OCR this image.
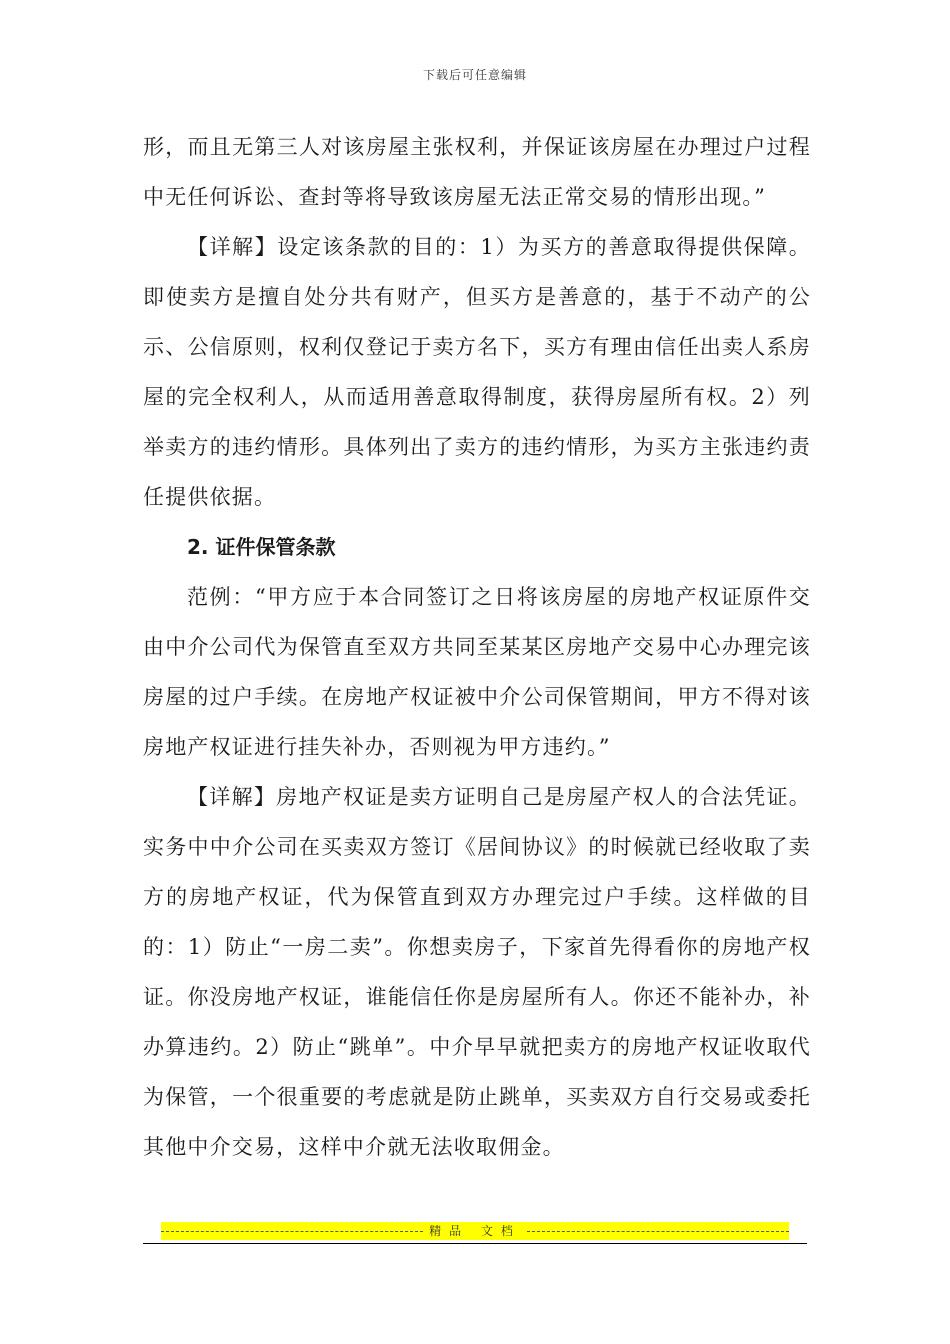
下载后可任意编辑

形，而且无第三人对该房屋主张权利，并保证该房屋在办理过户过程中无任何诉讼、查封等将导致该房屋无法正常交易的情形出现。”

【详解】设定该条款的目的：1）为买方的善意取得提供保障。即使卖方是擅自处分共有财产，但买方是善意的，基于不动产的公示、公信原则，权利仅登记于卖方名下，买方有理由信任出卖人系房屋的完全权利人，从而适用善意取得制度，获得房屋所有权。2）列举卖方的违约情形。具体列出了卖方的违约情形，为买方主张违约责任提供依据。

2. 证件保管条款

范例：“甲方应于本合同签订之日将该房屋的房地产权证原件交由中介公司代为保管直至双方共同至某某区房地产交易中心办理完该房屋的过户手续。在房地产权证被中介公司保管期间，甲方不得对该房地产权证进行挂失补办，否则视为甲方违约。”

【详解】房地产权证是卖方证明自己是房屋产权人的合法凭证。实务中中介公司在买卖双方签订《居间协议》的时候就已经收取了卖方的房地产权证，代为保管直到双方办理完过户手续。这样做的目的：1）防止“一房二卖”。你想卖房子，下家首先得看你的房地产权证。你没房地产权证，谁能信任你是房屋所有人。你还不能补办，补办算违约。2）防止“跳单”。中介早早就把卖方的房地产权证收取代为保管，一个很重要的考虑就是防止跳单，买卖双方自行交易或委托其他中介交易，这样中介就无法收取佣金。

精品 文档
